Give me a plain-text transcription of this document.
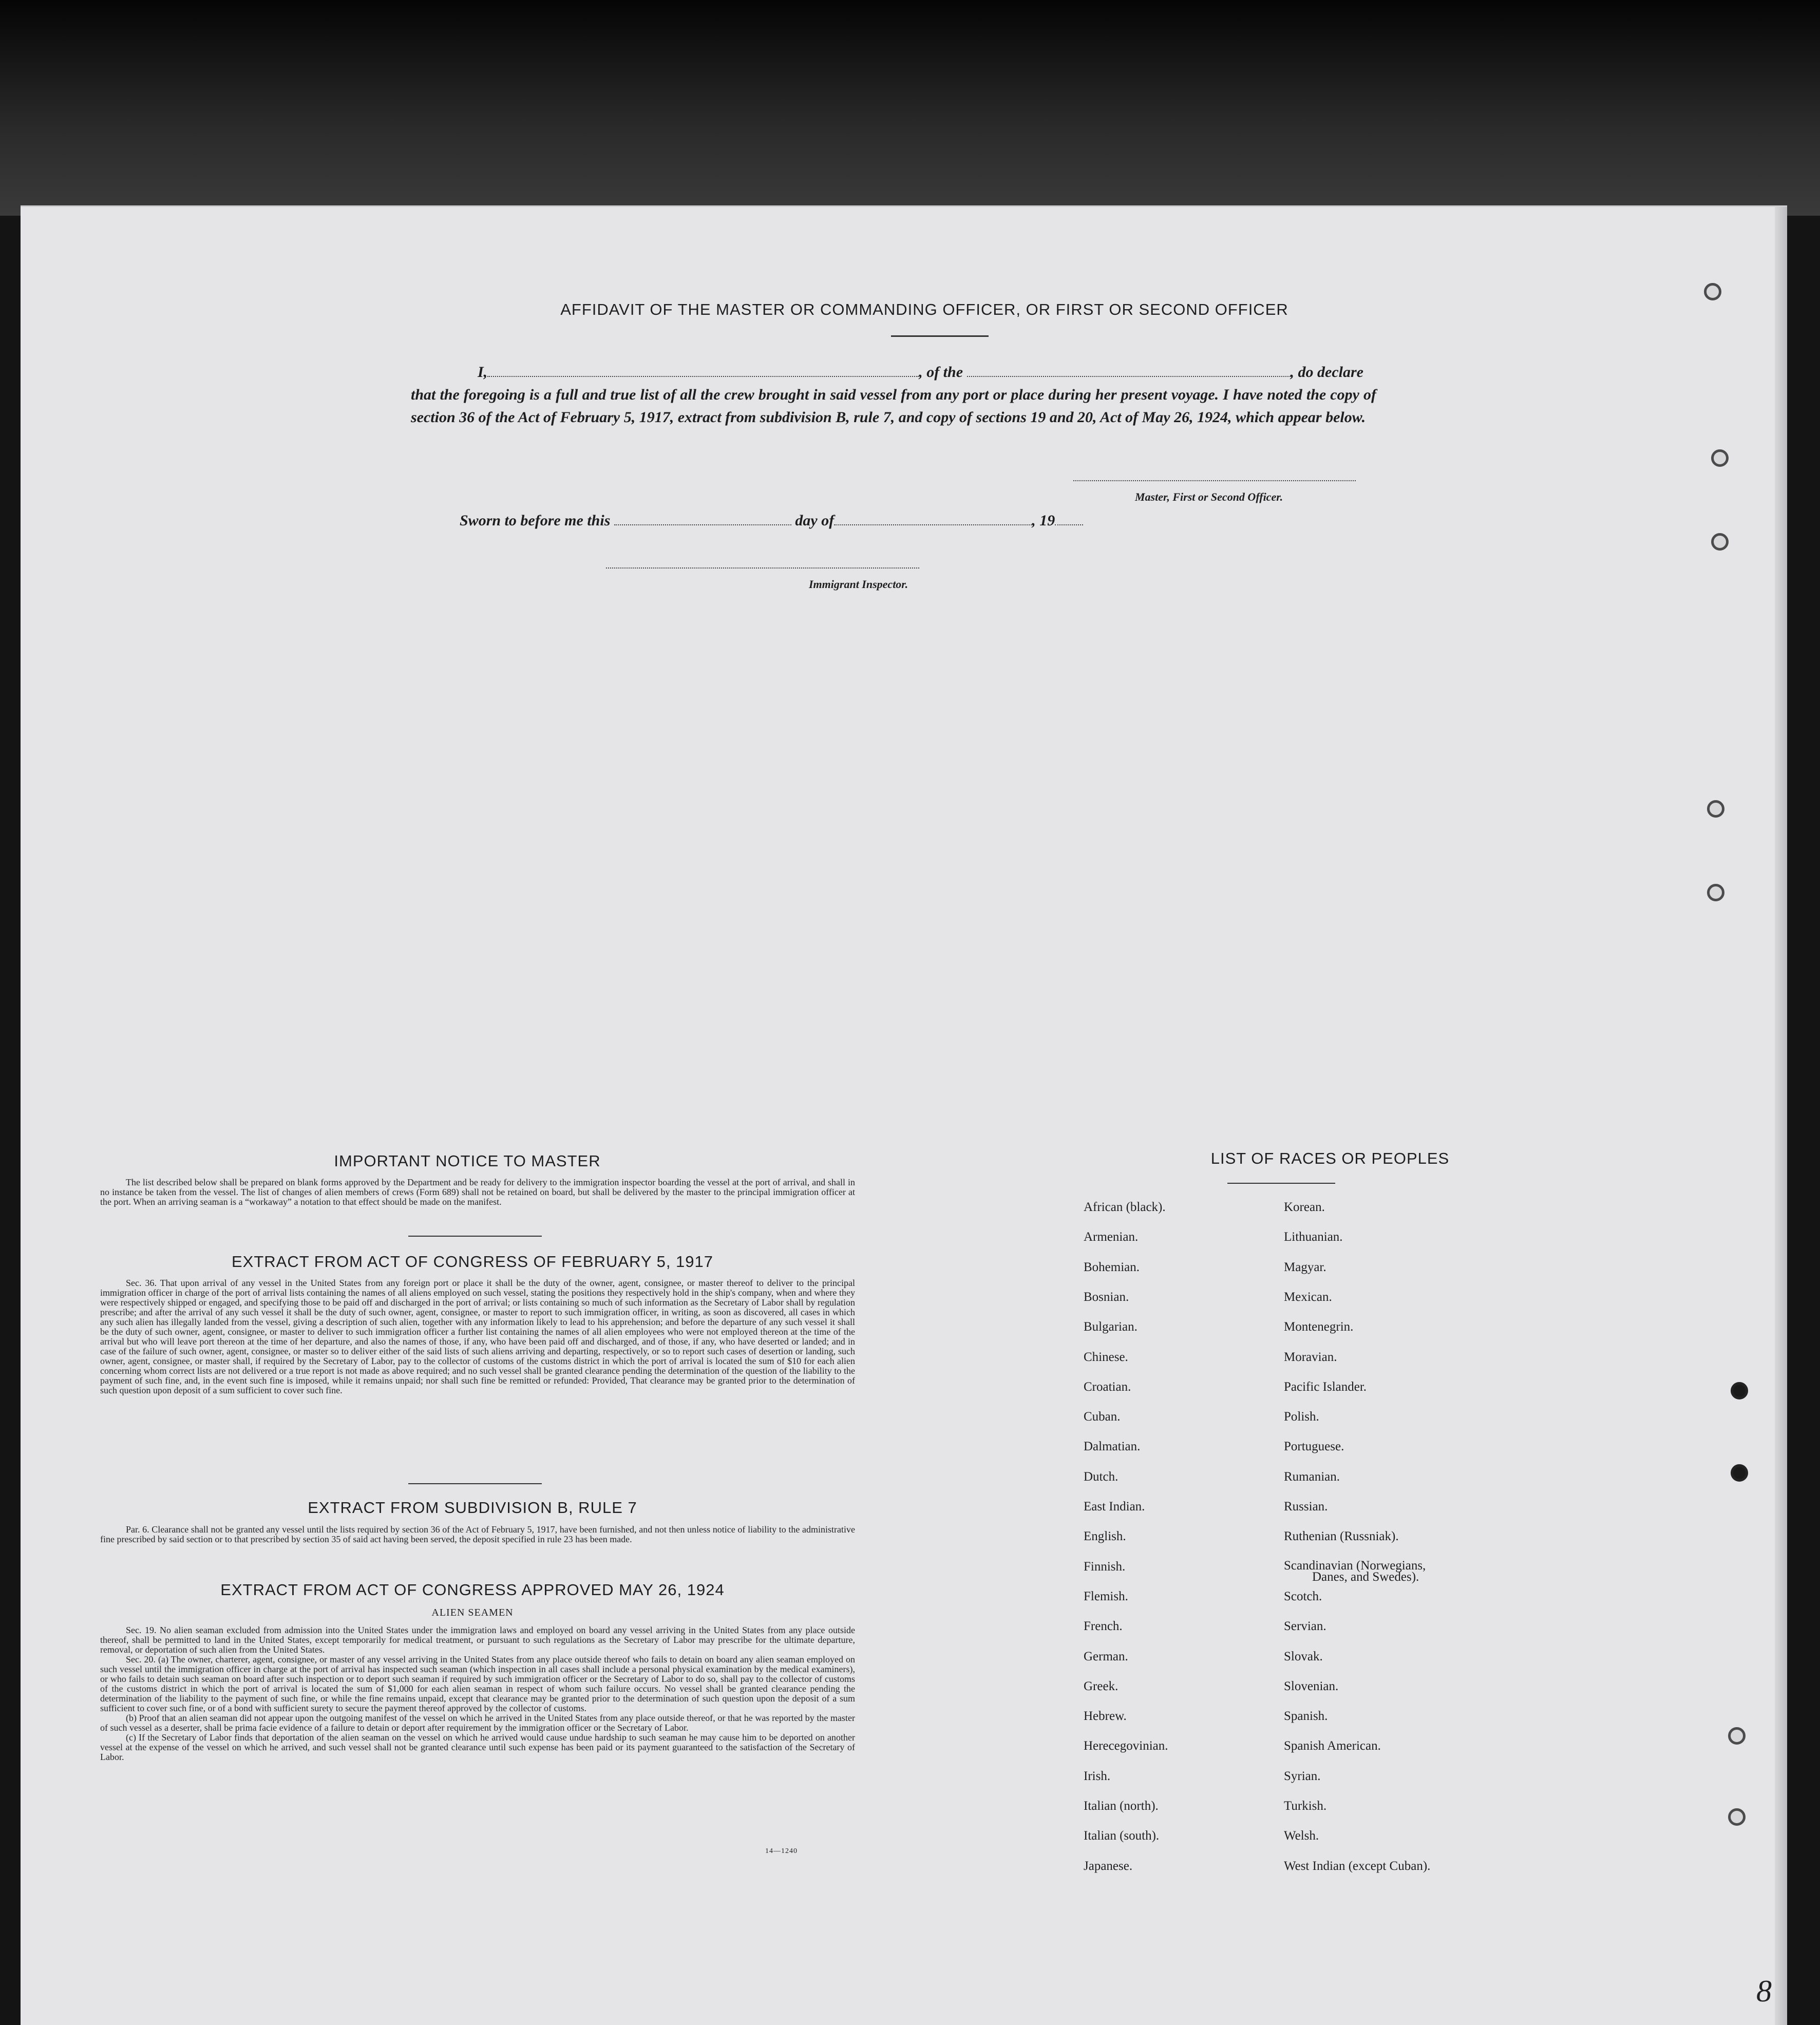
AFFIDAVIT OF THE MASTER OR COMMANDING OFFICER, OR FIRST OR SECOND OFFICER
I,	, of the	, do declare
that the foregoing is a full and true list of all the crew brought in said vessel from any port or place during her present voyage. I have noted the copy of section 36 of the Act of February 5, 1917, extract from subdivision B, rule 7, and copy of sections 19 and 20, Act of May 26, 1924, which appear below.
Master, First or Second Officer.
Sworn to before me this	day of	, 19
Immigrant Inspector.
IMPORTANT NOTICE TO MASTER

The list described below shall be prepared on blank forms approved by the Department and be ready for delivery to the immigration inspector boarding the vessel at the port of arrival, and shall in no instance be taken from the vessel. The list of changes of alien members of crews (Form 689) shall not be retained on board, but shall be delivered by the master to the principal immigration officer at the port. When an arriving seaman is a “workaway” a notation to that effect should be made on the manifest.

EXTRACT FROM ACT OF CONGRESS OF FEBRUARY 5, 1917

Sec. 36. That upon arrival of any vessel in the United States from any foreign port or place it shall be the duty of the owner, agent, consignee, or master thereof to deliver to the principal immigration officer in charge of the port of arrival lists containing the names of all aliens employed on such vessel, stating the positions they respectively hold in the ship's company, when and where they were respectively shipped or engaged, and specifying those to be paid off and discharged in the port of arrival; or lists containing so much of such information as the Secretary of Labor shall by regulation prescribe; and after the arrival of any such vessel it shall be the duty of such owner, agent, consignee, or master to report to such immigration officer, in writing, as soon as discovered, all cases in which any such alien has illegally landed from the vessel, giving a description of such alien, together with any information likely to lead to his apprehension; and before the departure of any such vessel it shall be the duty of such owner, agent, consignee, or master to deliver to such immigration officer a further list containing the names of all alien employees who were not employed thereon at the time of the arrival but who will leave port thereon at the time of her departure, and also the names of those, if any, who have been paid off and discharged, and of those, if any, who have deserted or landed; and in case of the failure of such owner, agent, consignee, or master so to deliver either of the said lists of such aliens arriving and departing, respectively, or so to report such cases of desertion or landing, such owner, agent, consignee, or master shall, if required by the Secretary of Labor, pay to the collector of customs of the customs district in which the port of arrival is located the sum of $10 for each alien concerning whom correct lists are not delivered or a true report is not made as above required; and no such vessel shall be granted clearance pending the determination of the question of the liability to the payment of such fine, and, in the event such fine is imposed, while it remains unpaid; nor shall such fine be remitted or refunded: Provided, That clearance may be granted prior to the determination of such question upon deposit of a sum sufficient to cover such fine.

EXTRACT FROM SUBDIVISION B, RULE 7

Par. 6. Clearance shall not be granted any vessel until the lists required by section 36 of the Act of February 5, 1917, have been furnished, and not then unless notice of liability to the administrative fine prescribed by said section or to that prescribed by section 35 of said act having been served, the deposit specified in rule 23 has been made.

EXTRACT FROM ACT OF CONGRESS APPROVED MAY 26, 1924
ALIEN SEAMEN

Sec. 19. No alien seaman excluded from admission into the United States under the immigration laws and employed on board any vessel arriving in the United States from any place outside thereof, shall be permitted to land in the United States, except temporarily for medical treatment, or pursuant to such regulations as the Secretary of Labor may prescribe for the ultimate departure, removal, or deportation of such alien from the United States.

Sec. 20. (a) The owner, charterer, agent, consignee, or master of any vessel arriving in the United States from any place outside thereof who fails to detain on board any alien seaman employed on such vessel until the immigration officer in charge at the port of arrival has inspected such seaman (which inspection in all cases shall include a personal physical examination by the medical examiners), or who fails to detain such seaman on board after such inspection or to deport such seaman if required by such immigration officer or the Secretary of Labor to do so, shall pay to the collector of customs of the customs district in which the port of arrival is located the sum of $1,000 for each alien seaman in respect of whom such failure occurs. No vessel shall be granted clearance pending the determination of the liability to the payment of such fine, or while the fine remains unpaid, except that clearance may be granted prior to the determination of such question upon the deposit of a sum sufficient to cover such fine, or of a bond with sufficient surety to secure the payment thereof approved by the collector of customs.

(b) Proof that an alien seaman did not appear upon the outgoing manifest of the vessel on which he arrived in the United States from any place outside thereof, or that he was reported by the master of such vessel as a deserter, shall be prima facie evidence of a failure to detain or deport after requirement by the immigration officer or the Secretary of Labor.

(c) If the Secretary of Labor finds that deportation of the alien seaman on the vessel on which he arrived would cause undue hardship to such seaman he may cause him to be deported on another vessel at the expense of the vessel on which he arrived, and such vessel shall not be granted clearance until such expense has been paid or its payment guaranteed to the satisfaction of the Secretary of Labor.

14—1240
LIST OF RACES OR PEOPLES
African (black).
Armenian.
Bohemian.
Bosnian.
Bulgarian.
Chinese.
Croatian.
Cuban.
Dalmatian.
Dutch.
East Indian.
English.
Finnish.
Flemish.
French.
German.
Greek.
Hebrew.
Herecegovinian.
Irish.
Italian (north).
Italian (south).
Japanese.
Korean.
Lithuanian.
Magyar.
Mexican.
Montenegrin.
Moravian.
Pacific Islander.
Polish.
Portuguese.
Rumanian.
Russian.
Ruthenian (Russniak).
Scandinavian (Norwegians,
Danes, and Swedes).
Scotch.
Servian.
Slovak.
Slovenian.
Spanish.
Spanish American.
Syrian.
Turkish.
Welsh.
West Indian (except Cuban).
8
